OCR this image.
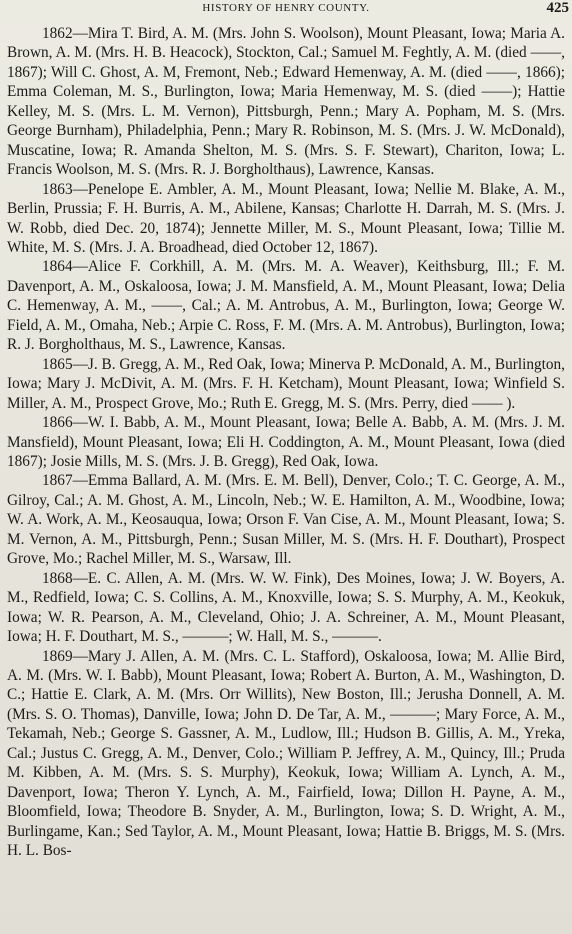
HISTORY OF HENRY COUNTY.	425

1862—Mira T. Bird, A. M. (Mrs. John S. Woolson), Mount Pleasant, Iowa; Maria A. Brown, A. M. (Mrs. H. B. Heacock), Stockton, Cal.; Samuel M. Feghtly, A. M. (died ——, 1867); Will C. Ghost, A. M, Fremont, Neb.; Edward Hemenway, A. M. (died ——, 1866); Emma Coleman, M. S., Burlington, Iowa; Maria Hemenway, M. S. (died ——); Hattie Kelley, M. S. (Mrs. L. M. Vernon), Pittsburgh, Penn.; Mary A. Popham, M. S. (Mrs. George Burnham), Philadelphia, Penn.; Mary R. Robinson, M. S. (Mrs. J. W. McDonald), Muscatine, Iowa; R. Amanda Shelton, M. S. (Mrs. S. F. Stewart), Chariton, Iowa; L. Francis Woolson, M. S. (Mrs. R. J. Borgholthaus), Lawrence, Kansas.

1863—Penelope E. Ambler, A. M., Mount Pleasant, Iowa; Nellie M. Blake, A. M., Berlin, Prussia; F. H. Burris, A. M., Abilene, Kansas; Charlotte H. Darrah, M. S. (Mrs. J. W. Robb, died Dec. 20, 1874); Jennette Miller, M. S., Mount Pleasant, Iowa; Tillie M. White, M. S. (Mrs. J. A. Broadhead, died October 12, 1867).

1864—Alice F. Corkhill, A. M. (Mrs. M. A. Weaver), Keithsburg, Ill.; F. M. Davenport, A. M., Oskaloosa, Iowa; J. M. Mansfield, A. M., Mount Pleasant, Iowa; Delia C. Hemenway, A. M., ——, Cal.; A. M. Antrobus, A. M., Burlington, Iowa; George W. Field, A. M., Omaha, Neb.; Arpie C. Ross, F. M. (Mrs. A. M. Antrobus), Burlington, Iowa; R. J. Borgholthaus, M. S., Lawrence, Kansas.

1865—J. B. Gregg, A. M., Red Oak, Iowa; Minerva P. McDonald, A. M., Burlington, Iowa; Mary J. McDivit, A. M. (Mrs. F. H. Ketcham), Mount Pleasant, Iowa; Winfield S. Miller, A. M., Prospect Grove, Mo.; Ruth E. Gregg, M. S. (Mrs. Perry, died —— ).

1866—W. I. Babb, A. M., Mount Pleasant, Iowa; Belle A. Babb, A. M. (Mrs. J. M. Mansfield), Mount Pleasant, Iowa; Eli H. Coddington, A. M., Mount Pleasant, Iowa (died 1867); Josie Mills, M. S. (Mrs. J. B. Gregg), Red Oak, Iowa.

1867—Emma Ballard, A. M. (Mrs. E. M. Bell), Denver, Colo.; T. C. George, A. M., Gilroy, Cal.; A. M. Ghost, A. M., Lincoln, Neb.; W. E. Hamilton, A. M., Woodbine, Iowa; W. A. Work, A. M., Keosauqua, Iowa; Orson F. Van Cise, A. M., Mount Pleasant, Iowa; S. M. Vernon, A. M., Pittsburgh, Penn.; Susan Miller, M. S. (Mrs. H. F. Douthart), Prospect Grove, Mo.; Rachel Miller, M. S., Warsaw, Ill.

1868—E. C. Allen, A. M. (Mrs. W. W. Fink), Des Moines, Iowa; J. W. Boyers, A. M., Redfield, Iowa; C. S. Collins, A. M., Knoxville, Iowa; S. S. Murphy, A. M., Keokuk, Iowa; W. R. Pearson, A. M., Cleveland, Ohio; J. A. Schreiner, A. M., Mount Pleasant, Iowa; H. F. Douthart, M. S., ———; W. Hall, M. S., ———.

1869—Mary J. Allen, A. M. (Mrs. C. L. Stafford), Oskaloosa, Iowa; M. Allie Bird, A. M. (Mrs. W. I. Babb), Mount Pleasant, Iowa; Robert A. Burton, A. M., Washington, D. C.; Hattie E. Clark, A. M. (Mrs. Orr Willits), New Boston, Ill.; Jerusha Donnell, A. M. (Mrs. S. O. Thomas), Danville, Iowa; John D. De Tar, A. M., ———; Mary Force, A. M., Tekamah, Neb.; George S. Gassner, A. M., Ludlow, Ill.; Hudson B. Gillis, A. M., Yreka, Cal.; Justus C. Gregg, A. M., Denver, Colo.; William P. Jeffrey, A. M., Quincy, Ill.; Pruda M. Kibben, A. M. (Mrs. S. S. Murphy), Keokuk, Iowa; William A. Lynch, A. M., Davenport, Iowa; Theron Y. Lynch, A. M., Fairfield, Iowa; Dillon H. Payne, A. M., Bloomfield, Iowa; Theodore B. Snyder, A. M., Burlington, Iowa; S. D. Wright, A. M., Burlingame, Kan.; Sed Taylor, A. M., Mount Pleasant, Iowa; Hattie B. Briggs, M. S. (Mrs. H. L. Bos-
